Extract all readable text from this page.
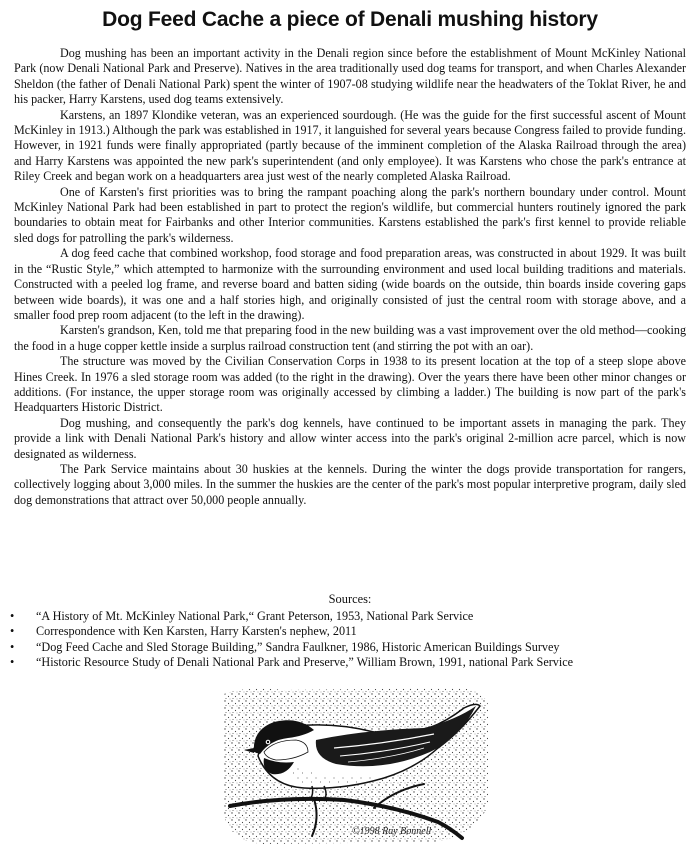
Dog Feed Cache a piece of Denali mushing history

Dog mushing has been an important activity in the Denali region since before the establishment of Mount McKinley National Park (now Denali National Park and Preserve). Natives in the area traditionally used dog teams for transport, and when Charles Alexander Sheldon (the father of Denali National Park) spent the winter of 1907-08 studying wildlife near the headwaters of the Toklat River, he and his packer, Harry Karstens, used dog teams extensively.

Karstens, an 1897 Klondike veteran, was an experienced sourdough. (He was the guide for the first successful ascent of Mount McKinley in 1913.) Although the park was established in 1917, it languished for several years because Congress failed to provide funding. However, in 1921 funds were finally appropriated (partly because of the imminent completion of the Alaska Railroad through the area) and Harry Karstens was appointed the new park's superintendent (and only employee). It was Karstens who chose the park's entrance at Riley Creek and began work on a headquarters area just west of the nearly completed Alaska Railroad.

One of Karsten's first priorities was to bring the rampant poaching along the park's northern boundary under control. Mount McKinley National Park had been established in part to protect the region's wildlife, but commercial hunters routinely ignored the park boundaries to obtain meat for Fairbanks and other Interior communities. Karstens established the park's first kennel to provide reliable sled dogs for patrolling the park's wilderness.

A dog feed cache that combined workshop, food storage and food preparation areas, was constructed in about 1929. It was built in the “Rustic Style,” which attempted to harmonize with the surrounding environment and used local building traditions and materials. Constructed with a peeled log frame, and reverse board and batten siding (wide boards on the outside, thin boards inside covering gaps between wide boards), it was one and a half stories high, and originally consisted of just the central room with storage above, and a smaller food prep room adjacent (to the left in the drawing).

Karsten's grandson, Ken, told me that preparing food in the new building was a vast improvement over the old method—cooking the food in a huge copper kettle inside a surplus railroad construction tent (and stirring the pot with an oar).

The structure was moved by the Civilian Conservation Corps in 1938 to its present location at the top of a steep slope above Hines Creek. In 1976 a sled storage room was added (to the right in the drawing). Over the years there have been other minor changes or additions. (For instance, the upper storage room was originally accessed by climbing a ladder.) The building is now part of the park's Headquarters Historic District.

Dog mushing, and consequently the park's dog kennels, have continued to be important assets in managing the park. They provide a link with Denali National Park's history and allow winter access into the park's original 2-million acre parcel, which is now designated as wilderness.

The Park Service maintains about 30 huskies at the kennels. During the winter the dogs provide transportation for rangers, collectively logging about 3,000 miles. In the summer the huskies are the center of the park's most popular interpretive program, daily sled dog demonstrations that attract over 50,000 people annually.

Sources:

• “A History of Mt. McKinley National Park,“ Grant Peterson, 1953, National Park Service
• Correspondence with Ken Karsten, Harry Karsten's nephew, 2011
• “Dog Feed Cache and Sled Storage Building,” Sandra Faulkner, 1986, Historic American Buildings Survey
• “Historic Resource Study of Denali National Park and Preserve,” William Brown, 1991, national Park Service
©1998 Ray Bonnell
